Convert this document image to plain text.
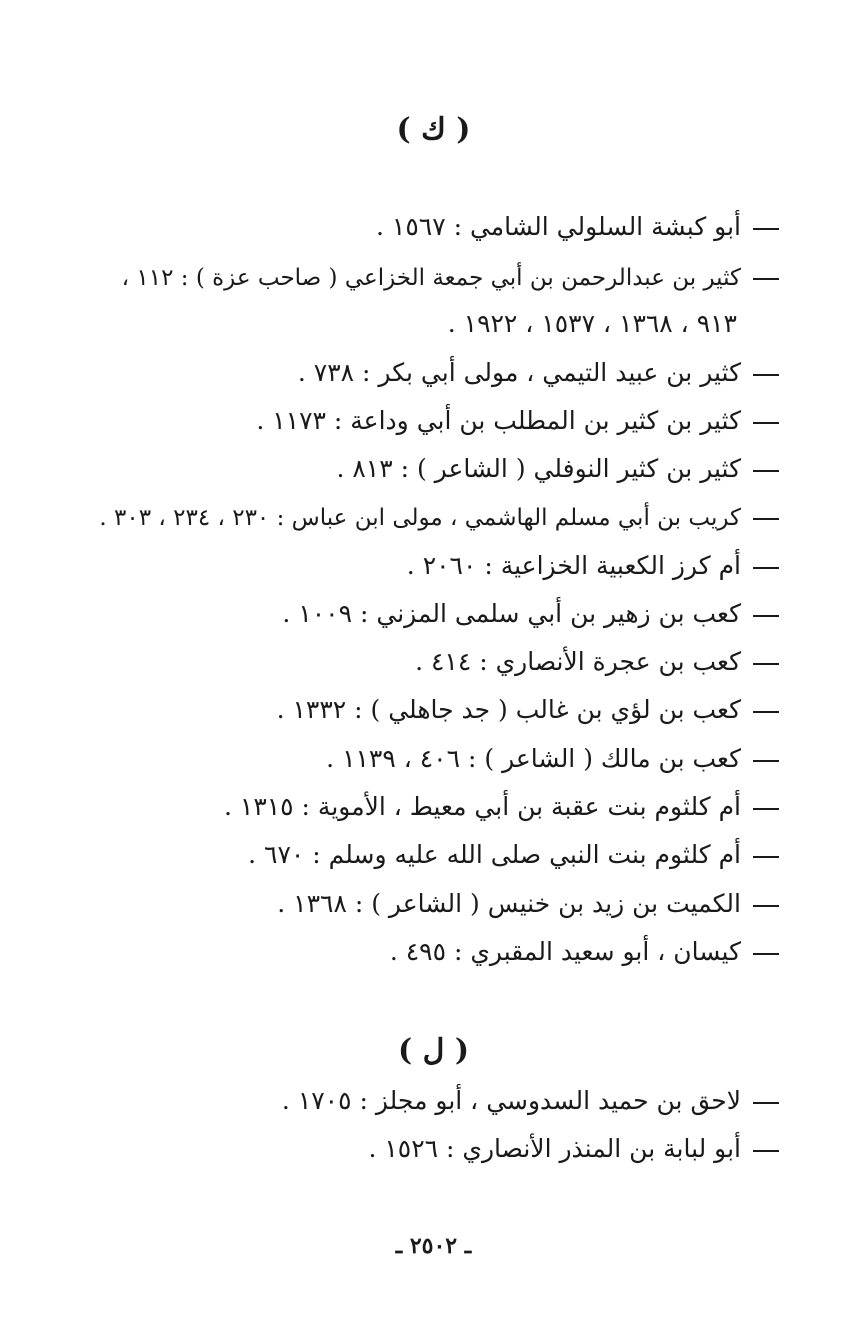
( ك )
أبو كبشة السلولي الشامي : ١٥٦٧ .
كثير بن عبدالرحمن بن أبي جمعة الخزاعي ( صاحب عزة ) : ١١٢ ،
٩١٣ ، ١٣٦٨ ، ١٥٣٧ ، ١٩٢٢ .
كثير بن عبيد التيمي ، مولى أبي بكر : ٧٣٨ .
كثير بن كثير بن المطلب بن أبي وداعة : ١١٧٣ .
كثير بن كثير النوفلي ( الشاعر ) : ٨١٣ .
كريب بن أبي مسلم الهاشمي ، مولى ابن عباس : ٢٣٠ ، ٢٣٤ ، ٣٠٣ .
أم كرز الكعبية الخزاعية : ٢٠٦٠ .
كعب بن زهير بن أبي سلمى المزني : ١٠٠٩ .
كعب بن عجرة الأنصاري : ٤١٤ .
كعب بن لؤي بن غالب ( جد جاهلي ) : ١٣٣٢ .
كعب بن مالك ( الشاعر ) : ٤٠٦ ، ١١٣٩ .
أم كلثوم بنت عقبة بن أبي معيط ، الأموية : ١٣١٥ .
أم كلثوم بنت النبي صلى الله عليه وسلم : ٦٧٠ .
الكميت بن زيد بن خنيس ( الشاعر ) : ١٣٦٨ .
كيسان ، أبو سعيد المقبري : ٤٩٥ .
( ل )
لاحق بن حميد السدوسي ، أبو مجلز : ١٧٠٥ .
أبو لبابة بن المنذر الأنصاري : ١٥٢٦ .
ـ ٢٥٠٢ ـ
